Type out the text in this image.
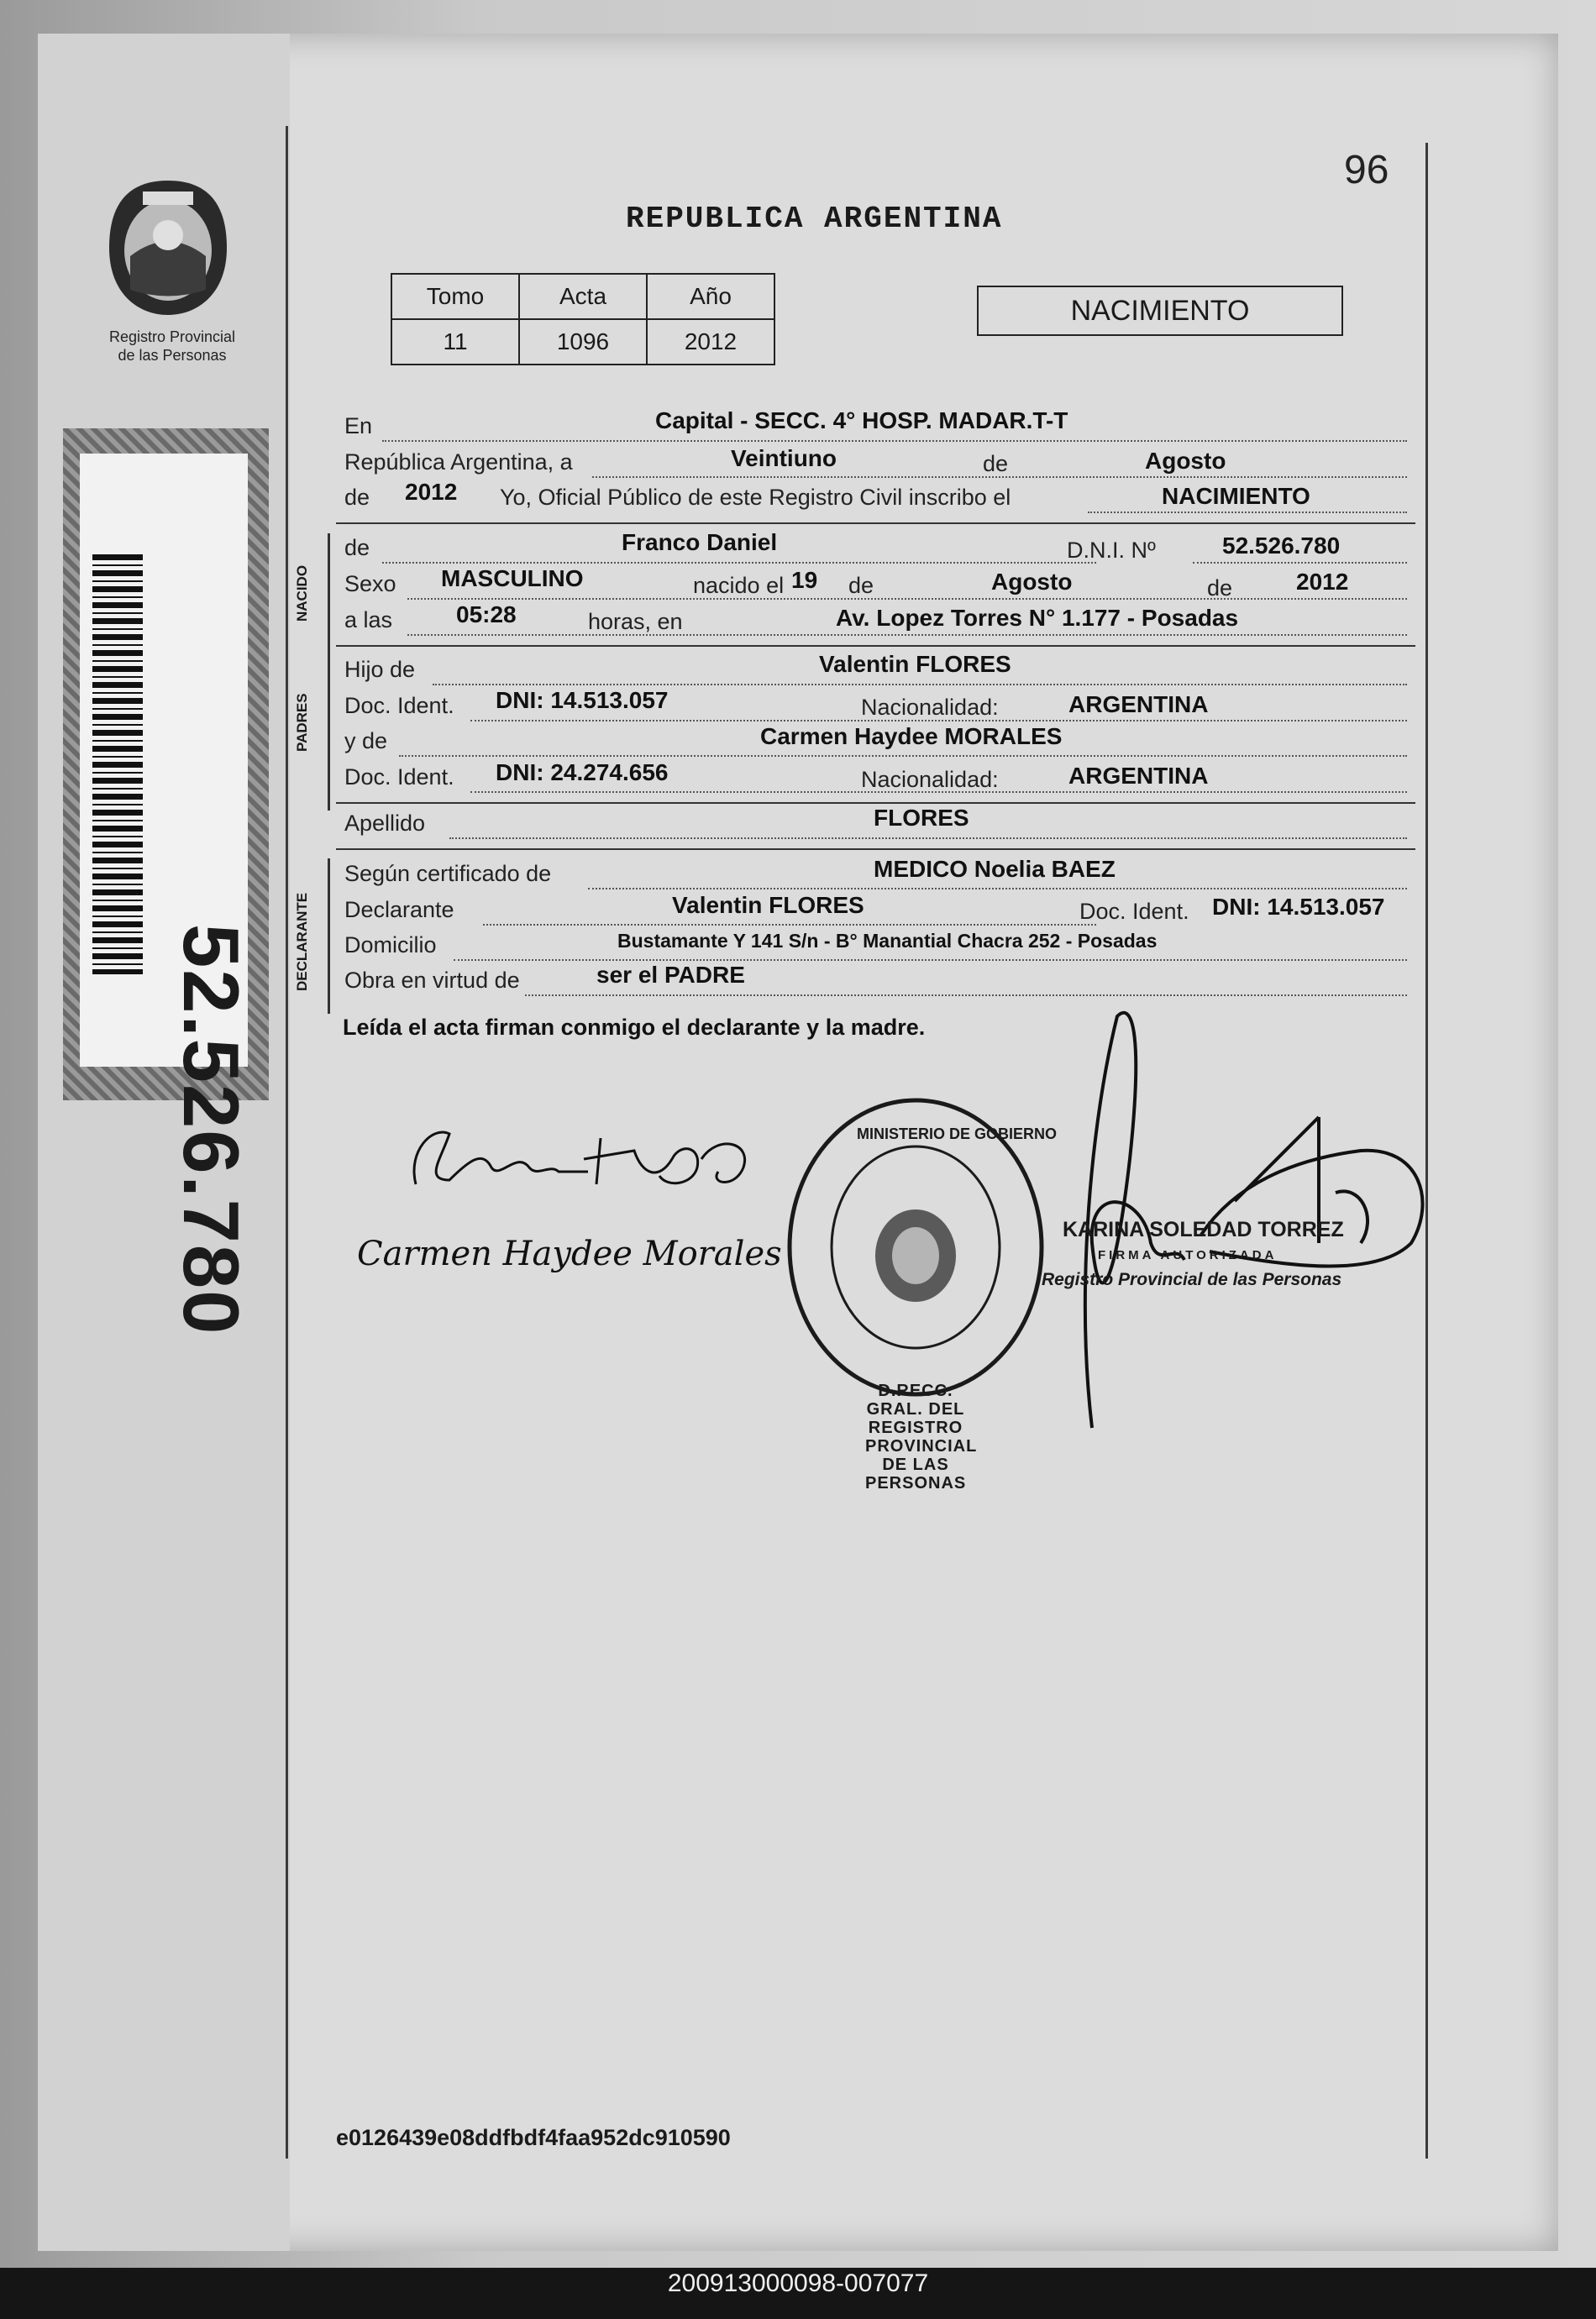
Registro Provincial
de las Personas
52.526.780
96
REPUBLICA ARGENTINA
Tomo	Acta	Año
11	1096	2012
NACIMIENTO
En	Capital - SECC. 4° HOSP. MADAR.T-T
República Argentina, a	Veintiuno	de	Agosto
de 2012 Yo, Oficial Público de este Registro Civil inscribo el	NACIMIENTO
NACIDO
de	Franco Daniel	D.N.I. Nº	52.526.780
Sexo MASCULINO	nacido el 19 de	Agosto	de	2012
a las	05:28	horas, en	Av. Lopez Torres N° 1.177 - Posadas
PADRES
Hijo de	Valentin FLORES
Doc. Ident. DNI: 14.513.057	Nacionalidad:	ARGENTINA
y de	Carmen Haydee MORALES
Doc. Ident. DNI: 24.274.656	Nacionalidad:	ARGENTINA
Apellido	FLORES
DECLARANTE
Según certificado de	MEDICO Noelia BAEZ
Declarante	Valentin FLORES	Doc. Ident. DNI: 14.513.057
Domicilio	Bustamante Y 141 S/n - B° Manantial Chacra 252 - Posadas
Obra en virtud de	ser el PADRE
Leída el acta firman conmigo el declarante y la madre.
Carmen Haydee Morales
D.RECC. GRAL. DEL REGISTRO PROVINCIAL DE LAS PERSONAS
MINISTERIO DE GOBIERNO
KARINA SOLEDAD TORREZ
FIRMA AUTORIZADA
Registro Provincial de las Personas
e0126439e08ddfbdf4faa952dc910590
200913000098-007077
